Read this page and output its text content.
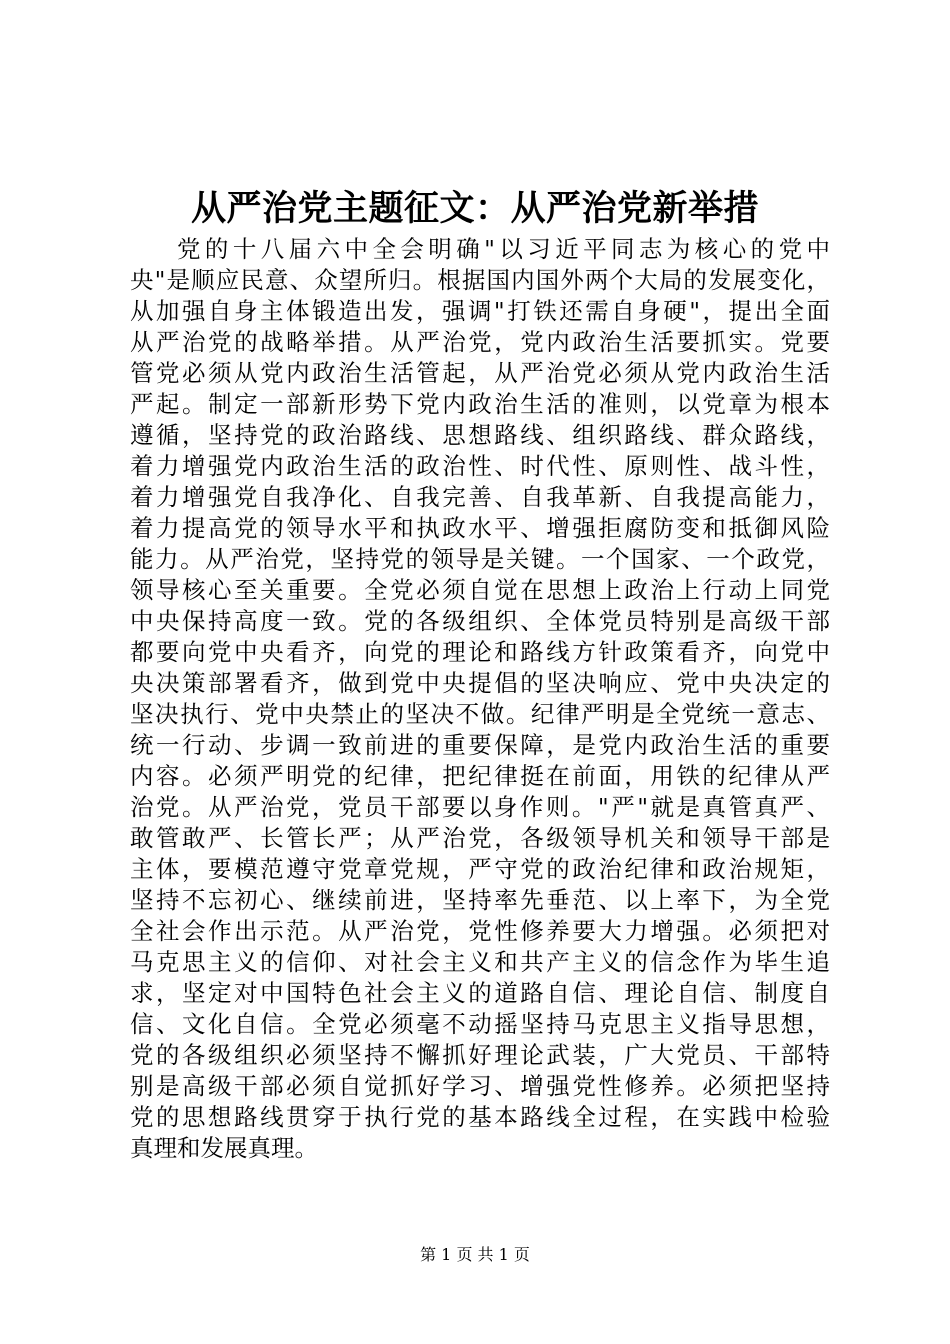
从严治党主题征文：从严治党新举措
党的十八届六中全会明确"以习近平同志为核心的党中
央"是顺应民意、众望所归。根据国内国外两个大局的发展变化，
从加强自身主体锻造出发，强调"打铁还需自身硬"，提出全面
从严治党的战略举措。从严治党，党内政治生活要抓实。党要
管党必须从党内政治生活管起，从严治党必须从党内政治生活
严起。制定一部新形势下党内政治生活的准则，以党章为根本
遵循，坚持党的政治路线、思想路线、组织路线、群众路线，
着力增强党内政治生活的政治性、时代性、原则性、战斗性，
着力增强党自我净化、自我完善、自我革新、自我提高能力，
着力提高党的领导水平和执政水平、增强拒腐防变和抵御风险
能力。从严治党，坚持党的领导是关键。一个国家、一个政党，
领导核心至关重要。全党必须自觉在思想上政治上行动上同党
中央保持高度一致。党的各级组织、全体党员特别是高级干部
都要向党中央看齐，向党的理论和路线方针政策看齐，向党中
央决策部署看齐，做到党中央提倡的坚决响应、党中央决定的
坚决执行、党中央禁止的坚决不做。纪律严明是全党统一意志、
统一行动、步调一致前进的重要保障，是党内政治生活的重要
内容。必须严明党的纪律，把纪律挺在前面，用铁的纪律从严
治党。从严治党，党员干部要以身作则。"严"就是真管真严、
敢管敢严、长管长严；从严治党，各级领导机关和领导干部是
主体，要模范遵守党章党规，严守党的政治纪律和政治规矩，
坚持不忘初心、继续前进，坚持率先垂范、以上率下，为全党
全社会作出示范。从严治党，党性修养要大力增强。必须把对
马克思主义的信仰、对社会主义和共产主义的信念作为毕生追
求，坚定对中国特色社会主义的道路自信、理论自信、制度自
信、文化自信。全党必须毫不动摇坚持马克思主义指导思想，
党的各级组织必须坚持不懈抓好理论武装，广大党员、干部特
别是高级干部必须自觉抓好学习、增强党性修养。必须把坚持
党的思想路线贯穿于执行党的基本路线全过程，在实践中检验
真理和发展真理。
第 1 页 共 1 页
